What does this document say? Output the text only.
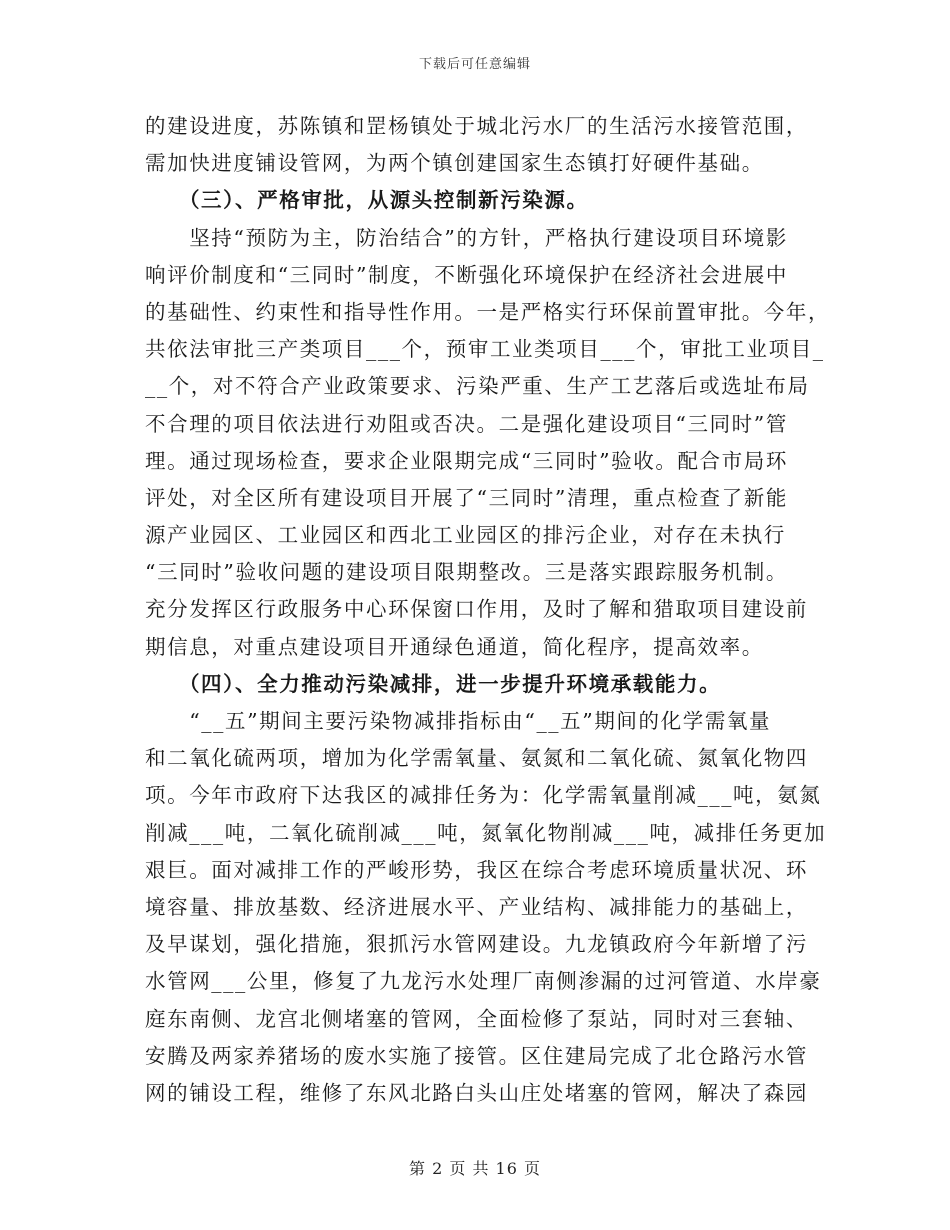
下载后可任意编辑
的建设进度，苏陈镇和罡杨镇处于城北污水厂的生活污水接管范围，
需加快进度铺设管网，为两个镇创建国家生态镇打好硬件基础。
　　（三）、严格审批，从源头控制新污染源。
　　坚持“预防为主，防治结合”的方针，严格执行建设项目环境影
响评价制度和“三同时”制度，不断强化环境保护在经济社会进展中
的基础性、约束性和指导性作用。一是严格实行环保前置审批。今年，
共依法审批三产类项目___个，预审工业类项目___个，审批工业项目_
__个，对不符合产业政策要求、污染严重、生产工艺落后或选址布局
不合理的项目依法进行劝阻或否决。二是强化建设项目“三同时”管
理。通过现场检查，要求企业限期完成“三同时”验收。配合市局环
评处，对全区所有建设项目开展了“三同时”清理，重点检查了新能
源产业园区、工业园区和西北工业园区的排污企业，对存在未执行
“三同时”验收问题的建设项目限期整改。三是落实跟踪服务机制。
充分发挥区行政服务中心环保窗口作用，及时了解和猎取项目建设前
期信息，对重点建设项目开通绿色通道，简化程序，提高效率。
　　（四）、全力推动污染减排，进一步提升环境承载能力。
　　“__五”期间主要污染物减排指标由“__五”期间的化学需氧量
和二氧化硫两项，增加为化学需氧量、氨氮和二氧化硫、氮氧化物四
项。今年市政府下达我区的减排任务为：化学需氧量削减___吨，氨氮
削减___吨，二氧化硫削减___吨，氮氧化物削减___吨，减排任务更加
艰巨。面对减排工作的严峻形势，我区在综合考虑环境质量状况、环
境容量、排放基数、经济进展水平、产业结构、减排能力的基础上，
及早谋划，强化措施，狠抓污水管网建设。九龙镇政府今年新增了污
水管网___公里，修复了九龙污水处理厂南侧渗漏的过河管道、水岸豪
庭东南侧、龙宫北侧堵塞的管网，全面检修了泵站，同时对三套轴、
安腾及两家养猪场的废水实施了接管。区住建局完成了北仓路污水管
网的铺设工程，维修了东风北路白头山庄处堵塞的管网，解决了森园
第 2 页 共 16 页
